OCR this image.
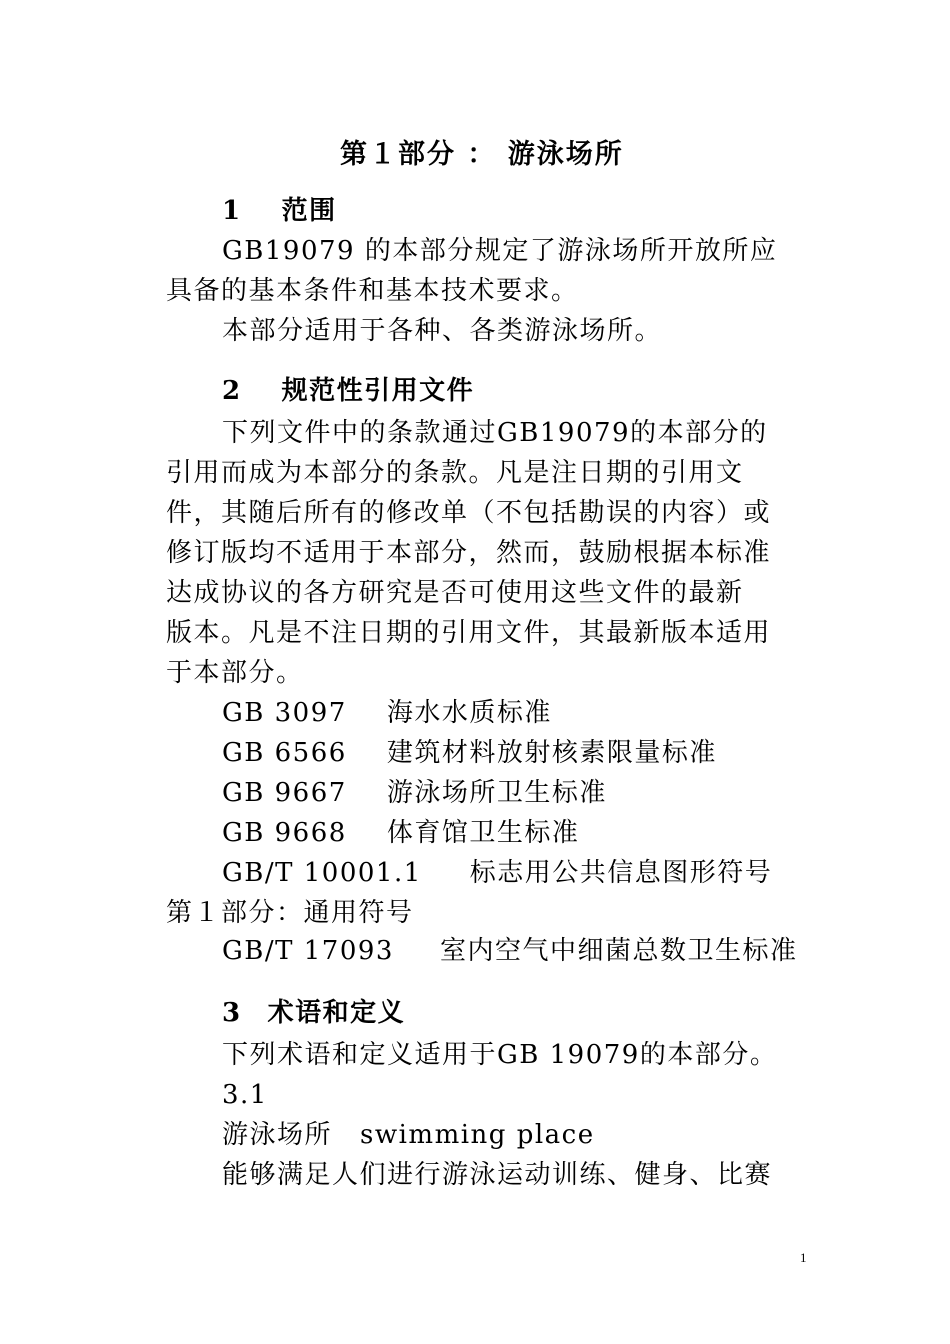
第１部分 ： 游泳场所
1 范围
GB19079 的本部分规定了游泳场所开放所应
具备的基本条件和基本技术要求。
本部分适用于各种、各类游泳场所。
2 规范性引用文件
下列文件中的条款通过GB19079的本部分的
引用而成为本部分的条款。凡是注日期的引用文
件，其随后所有的修改单（不包括勘误的内容）或
修订版均不适用于本部分，然而，鼓励根据本标准
达成协议的各方研究是否可使用这些文件的最新
版本。凡是不注日期的引用文件，其最新版本适用
于本部分。
GB 3097 海水水质标准
GB 6566 建筑材料放射核素限量标准
GB 9667 游泳场所卫生标准
GB 9668 体育馆卫生标准
GB/T 10001.1 标志用公共信息图形符号
第１部分：通用符号
GB/T 17093 室内空气中细菌总数卫生标准
3 术语和定义
下列术语和定义适用于GB 19079的本部分。
3.1
游泳场所 swimming place
能够满足人们进行游泳运动训练、健身、比赛
1
